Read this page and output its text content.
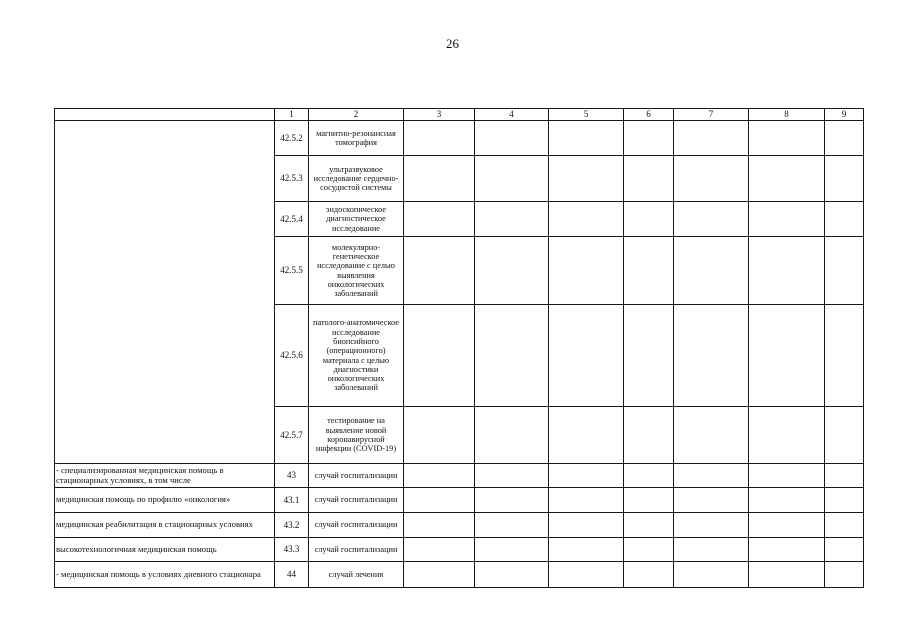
26
	1	2	3	4	5	6	7	8	9
	42.5.2	магнитно-резонансная томография							
	42.5.3	ультразвуковое исследование сердечно-сосудистой системы							
	42.5.4	эндоскопическое диагностическое исследование							
	42.5.5	молекулярно-генетическое исследование с целью выявления онкологических заболеваний							
	42.5.6	патолого-анатомическое исследование биопсийного (операционного) материала с целью диагностики онкологических заболеваний							
	42.5.7	тестирование на выявление новой коронавирусной инфекции (COVID-19)							
- специализированная медицинская помощь в стационарных условиях, в том числе	43	случай госпитализации							
медицинская помощь по профилю «онкология»	43.1	случай госпитализации							
медицинская реабилитация в стационарных условиях	43.2	случай госпитализации							
высокотехнологичная медицинская помощь	43.3	случай госпитализации							
- медицинская помощь в условиях дневного стационара	44	случай лечения							
